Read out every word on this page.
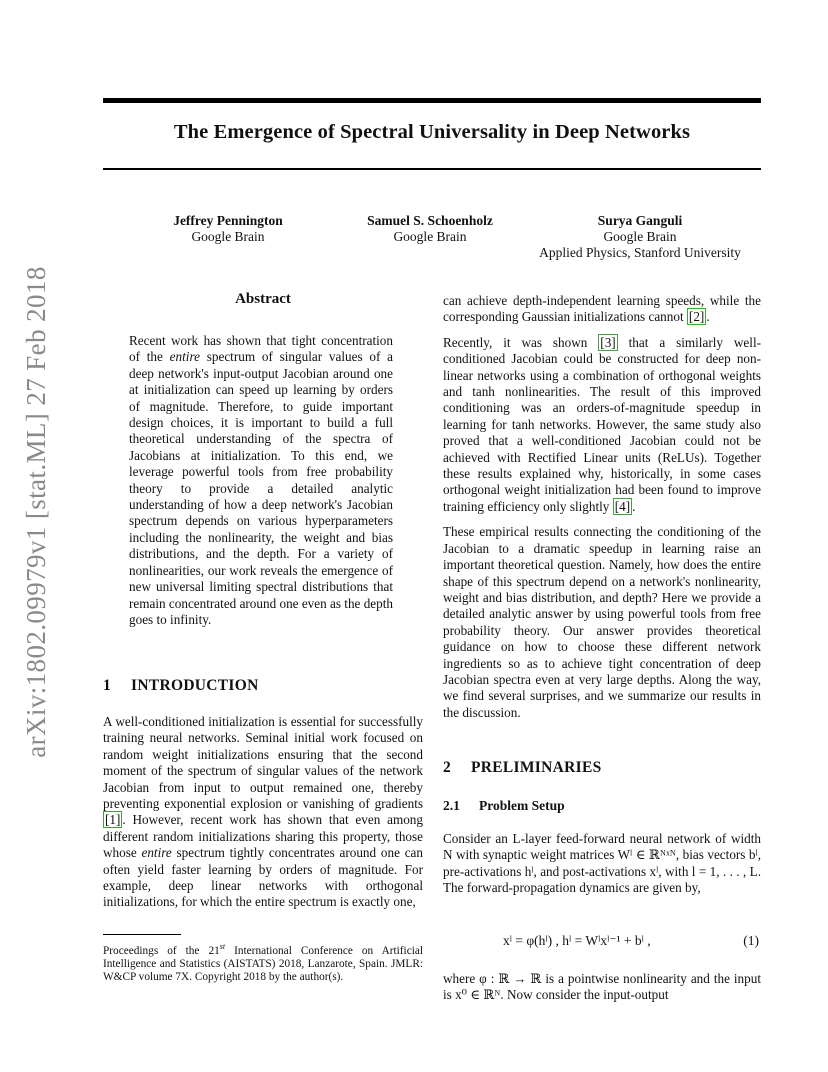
The Emergence of Spectral Universality in Deep Networks
Jeffrey Pennington
Google Brain
Samuel S. Schoenholz
Google Brain
Surya Ganguli
Google Brain
Applied Physics, Stanford University
arXiv:1802.09979v1 [stat.ML] 27 Feb 2018	Abstract

Recent work has shown that tight concentration of the entire spectrum of singular values of a deep network's input-output Jacobian around one at initialization can speed up learning by orders of magnitude. Therefore, to guide important design choices, it is important to build a full theoretical understanding of the spectra of Jacobians at initialization. To this end, we leverage powerful tools from free probability theory to provide a detailed analytic understanding of how a deep network's Jacobian spectrum depends on various hyperparameters including the nonlinearity, the weight and bias distributions, and the depth. For a variety of nonlinearities, our work reveals the emergence of new universal limiting spectral distributions that remain concentrated around one even as the depth goes to infinity.

1 INTRODUCTION

A well-conditioned initialization is essential for successfully training neural networks. Seminal initial work focused on random weight initializations ensuring that the second moment of the spectrum of singular values of the network Jacobian from input to output remained one, thereby preventing exponential explosion or vanishing of gradients [1] . However, recent work has shown that even among different random initializations sharing this property, those whose entire spectrum tightly concentrates around one can often yield faster learning by orders of magnitude. For example, deep linear networks with orthogonal initializations, for which the entire spectrum is exactly one,

Proceedings of the 21st International Conference on Artificial Intelligence and Statistics (AISTATS) 2018, Lanzarote, Spain. JMLR: W&CP volume 7X. Copyright 2018 by the author(s).

can achieve depth-independent learning speeds, while the corresponding Gaussian initializations cannot [2] .

Recently, it was shown [3] that a similarly well-conditioned Jacobian could be constructed for deep non-linear networks using a combination of orthogonal weights and tanh nonlinearities. The result of this improved conditioning was an orders-of-magnitude speedup in learning for tanh networks. However, the same study also proved that a well-conditioned Jacobian could not be achieved with Rectified Linear units (ReLUs). Together these results explained why, historically, in some cases orthogonal weight initialization had been found to improve training efficiency only slightly [4] .

These empirical results connecting the conditioning of the Jacobian to a dramatic speedup in learning raise an important theoretical question. Namely, how does the entire shape of this spectrum depend on a network's nonlinearity, weight and bias distribution, and depth? Here we provide a detailed analytic answer by using powerful tools from free probability theory. Our answer provides theoretical guidance on how to choose these different network ingredients so as to achieve tight concentration of deep Jacobian spectra even at very large depths. Along the way, we find several surprises, and we summarize our results in the discussion.

2 PRELIMINARIES
2.1 Problem Setup

Consider an L-layer feed-forward neural network of width N with synaptic weight matrices Wˡ ∈ ℝᴺˣᴺ, bias vectors bˡ, pre-activations hˡ, and post-activations xˡ, with l = 1, . . . , L. The forward-propagation dynamics are given by,

xˡ = φ(hˡ) , hˡ = Wˡxˡ⁻¹ + bˡ ,	(1)

where φ : ℝ → ℝ is a pointwise nonlinearity and the input is x⁰ ∈ ℝᴺ. Now consider the input-output
